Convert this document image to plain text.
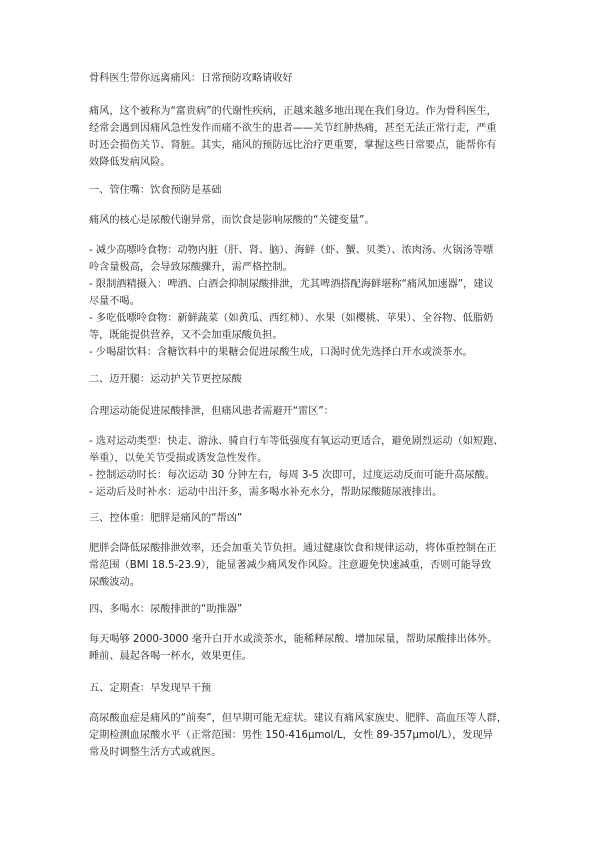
骨科医生带你远离痛风：日常预防攻略请收好

痛风，这个被称为“富贵病”的代谢性疾病，正越来越多地出现在我们身边。作为骨科医生，
经常会遇到因痛风急性发作而痛不欲生的患者——关节红肿热痛，甚至无法正常行走，严重
时还会损伤关节、肾脏。其实，痛风的预防远比治疗更重要，掌握这些日常要点，能帮你有
效降低发病风险。

一、管住嘴：饮食预防是基础

痛风的核心是尿酸代谢异常，而饮食是影响尿酸的“关键变量”。

- 减少高嘌呤食物：动物内脏（肝、肾、脑）、海鲜（虾、蟹、贝类）、浓肉汤、火锅汤等嘌
呤含量极高，会导致尿酸骤升，需严格控制。
- 限制酒精摄入：啤酒、白酒会抑制尿酸排泄，尤其啤酒搭配海鲜堪称“痛风加速器”，建议
尽量不喝。
- 多吃低嘌呤食物：新鲜蔬菜（如黄瓜、西红柿）、水果（如樱桃、苹果）、全谷物、低脂奶
等，既能提供营养，又不会加重尿酸负担。
- 少喝甜饮料：含糖饮料中的果糖会促进尿酸生成，口渴时优先选择白开水或淡茶水。

二、迈开腿：运动护关节更控尿酸

合理运动能促进尿酸排泄，但痛风患者需避开“雷区”：

- 选对运动类型：快走、游泳、骑自行车等低强度有氧运动更适合，避免剧烈运动（如短跑、
举重），以免关节受损或诱发急性发作。
- 控制运动时长：每次运动 30 分钟左右，每周 3-5 次即可，过度运动反而可能升高尿酸。
- 运动后及时补水：运动中出汗多，需多喝水补充水分，帮助尿酸随尿液排出。

三、控体重：肥胖是痛风的“帮凶”

肥胖会降低尿酸排泄效率，还会加重关节负担。通过健康饮食和规律运动，将体重控制在正
常范围（BMI 18.5-23.9），能显著减少痛风发作风险。注意避免快速减重，否则可能导致
尿酸波动。

四、多喝水：尿酸排泄的“助推器”

每天喝够 2000-3000 毫升白开水或淡茶水，能稀释尿酸、增加尿量，帮助尿酸排出体外。
睡前、晨起各喝一杯水，效果更佳。

五、定期查：早发现早干预

高尿酸血症是痛风的“前奏”，但早期可能无症状。建议有痛风家族史、肥胖、高血压等人群，
定期检测血尿酸水平（正常范围：男性 150-416μmol/L，女性 89-357μmol/L），发现异
常及时调整生活方式或就医。
